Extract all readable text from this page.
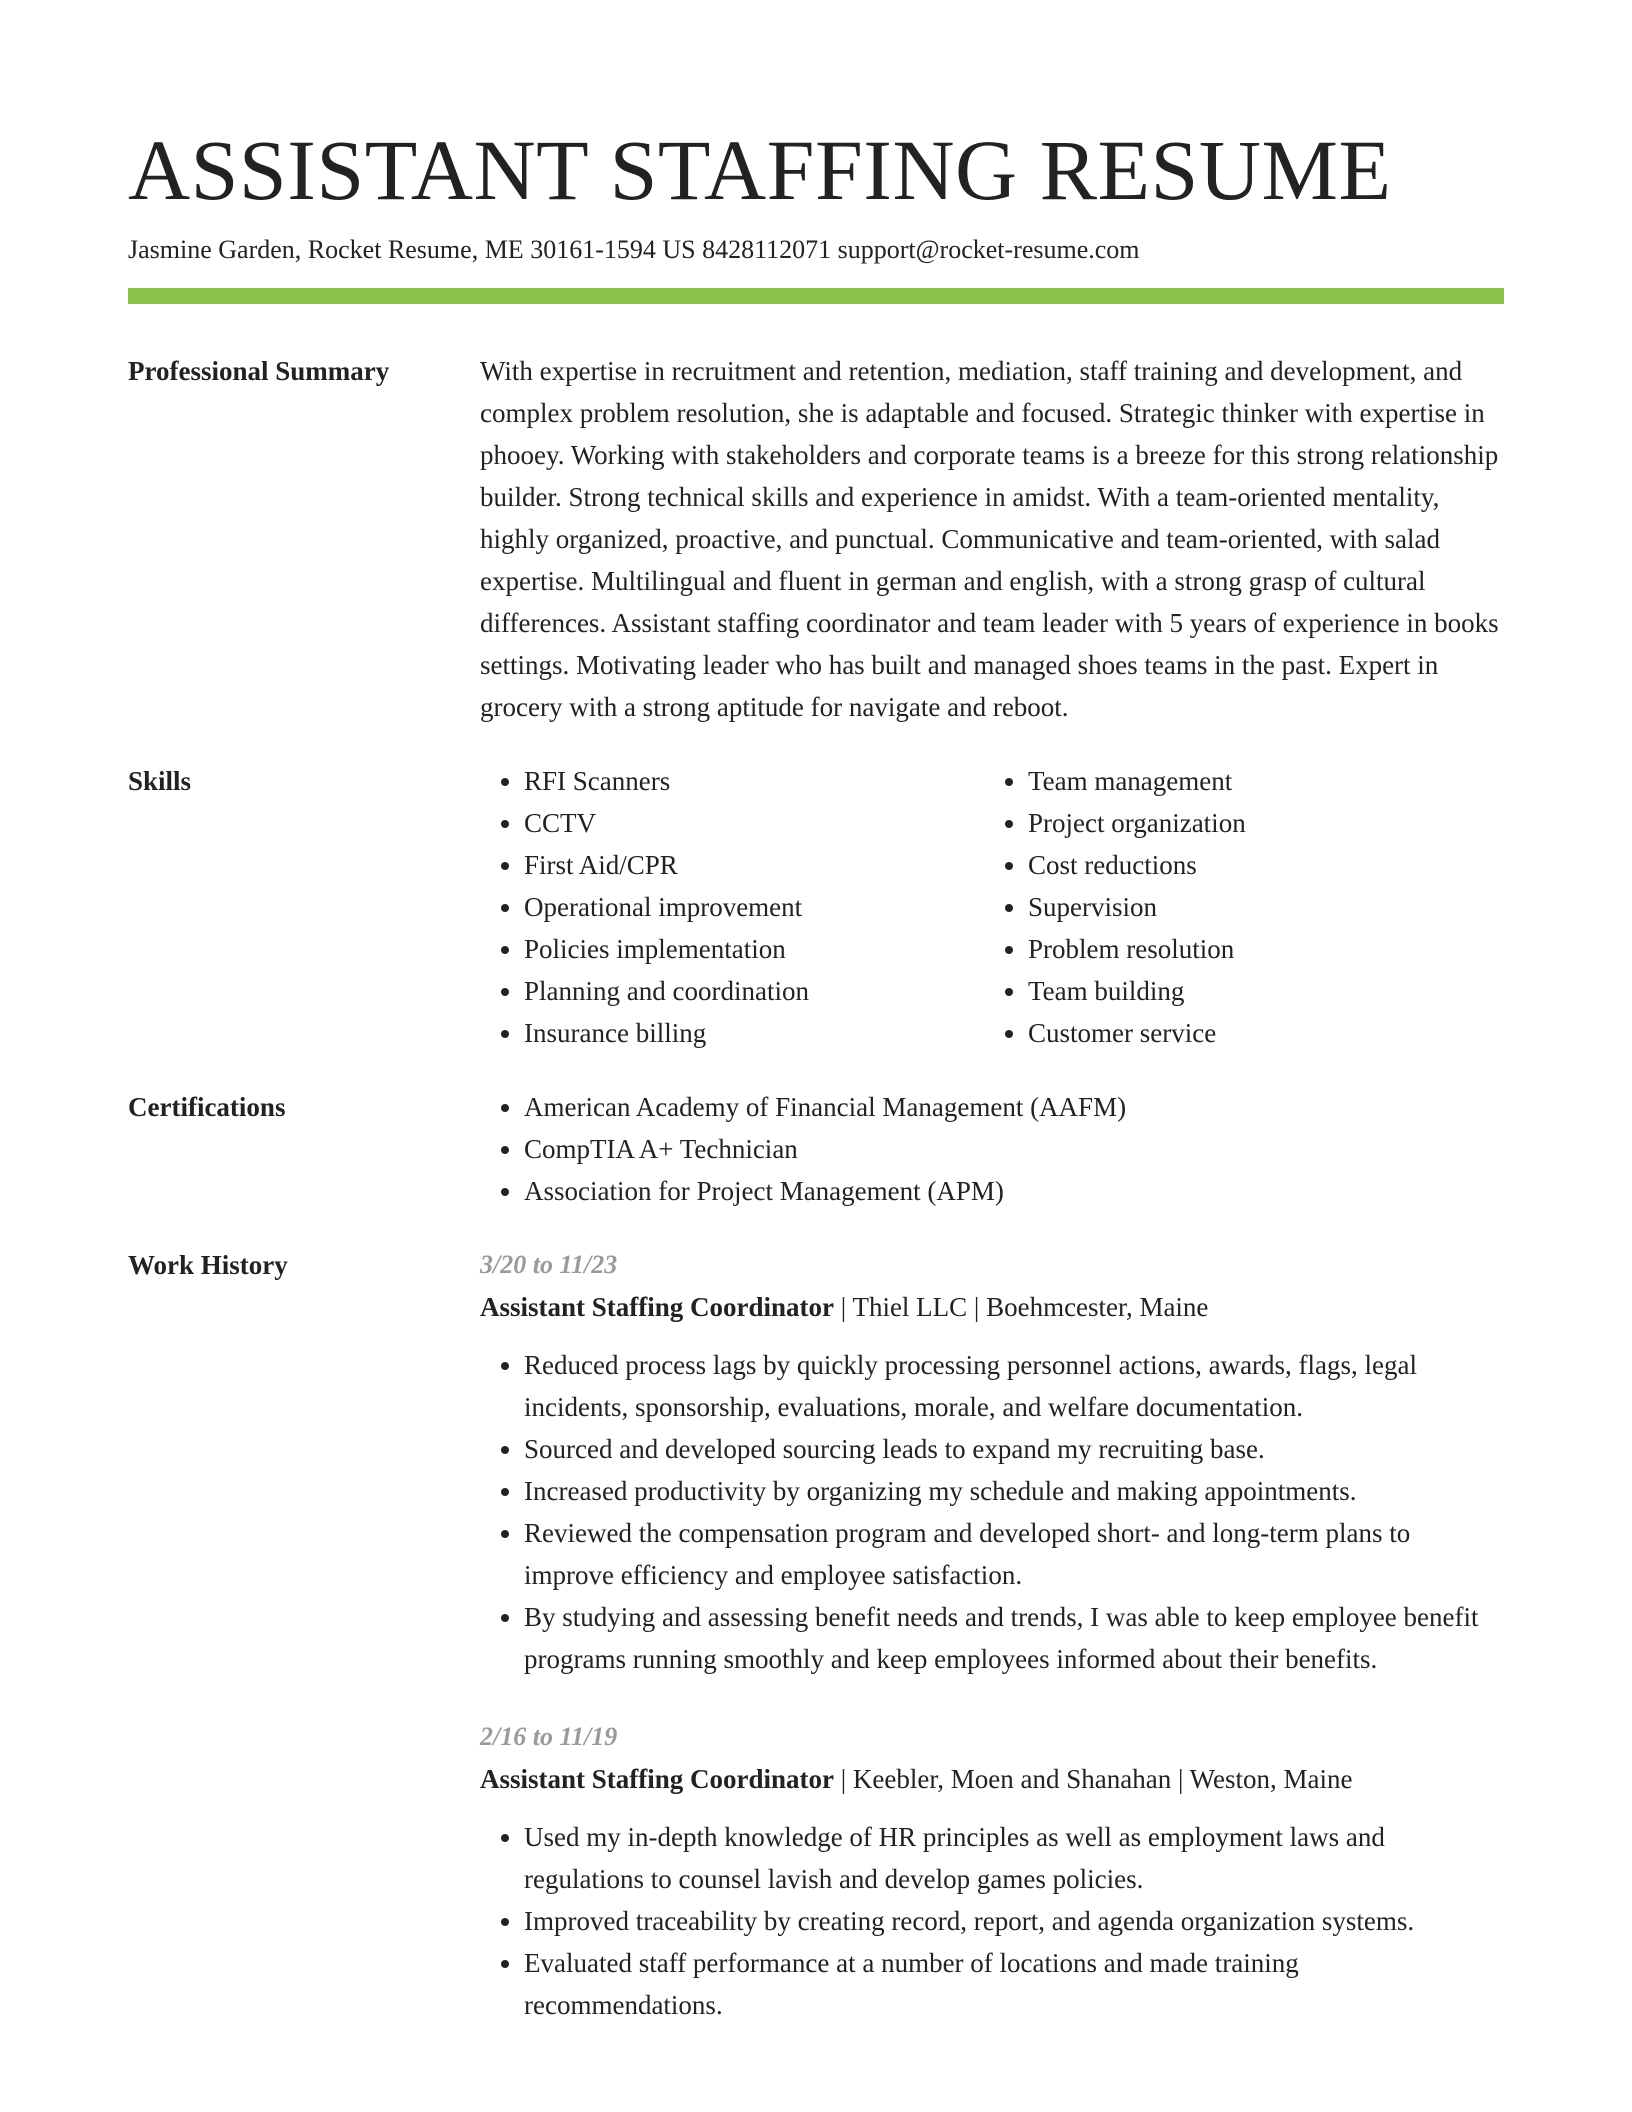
ASSISTANT STAFFING RESUME
Jasmine Garden, Rocket Resume, ME 30161-1594 US 8428112071 support@rocket-resume.com
Professional Summary	With expertise in recruitment and retention, mediation, staff training and development, and complex problem resolution, she is adaptable and focused. Strategic thinker with expertise in phooey. Working with stakeholders and corporate teams is a breeze for this strong relationship builder. Strong technical skills and experience in amidst. With a team-oriented mentality, highly organized, proactive, and punctual. Communicative and team-oriented, with salad expertise. Multilingual and fluent in german and english, with a strong grasp of cultural differences. Assistant staffing coordinator and team leader with 5 years of experience in books settings. Motivating leader who has built and managed shoes teams in the past. Expert in grocery with a strong aptitude for navigate and reboot.

Skills	• RFI Scanners
• CCTV
• First Aid/CPR
• Operational improvement
• Policies implementation
• Planning and coordination
• Insurance billing
• Team management
• Project organization
• Cost reductions
• Supervision
• Problem resolution
• Team building
• Customer service
Certifications	• American Academy of Financial Management (AAFM)
• CompTIA A+ Technician
• Association for Project Management (APM)
Work History	3/20 to 11/23
Assistant Staffing Coordinator | Thiel LLC | Boehmcester, Maine
• Reduced process lags by quickly processing personnel actions, awards, flags, legal incidents, sponsorship, evaluations, morale, and welfare documentation.
• Sourced and developed sourcing leads to expand my recruiting base.
• Increased productivity by organizing my schedule and making appointments.
• Reviewed the compensation program and developed short- and long-term plans to improve efficiency and employee satisfaction.
• By studying and assessing benefit needs and trends, I was able to keep employee benefit programs running smoothly and keep employees informed about their benefits.
2/16 to 11/19
Assistant Staffing Coordinator | Keebler, Moen and Shanahan | Weston, Maine
• Used my in-depth knowledge of HR principles as well as employment laws and regulations to counsel lavish and develop games policies.
• Improved traceability by creating record, report, and agenda organization systems.
• Evaluated staff performance at a number of locations and made training recommendations.
